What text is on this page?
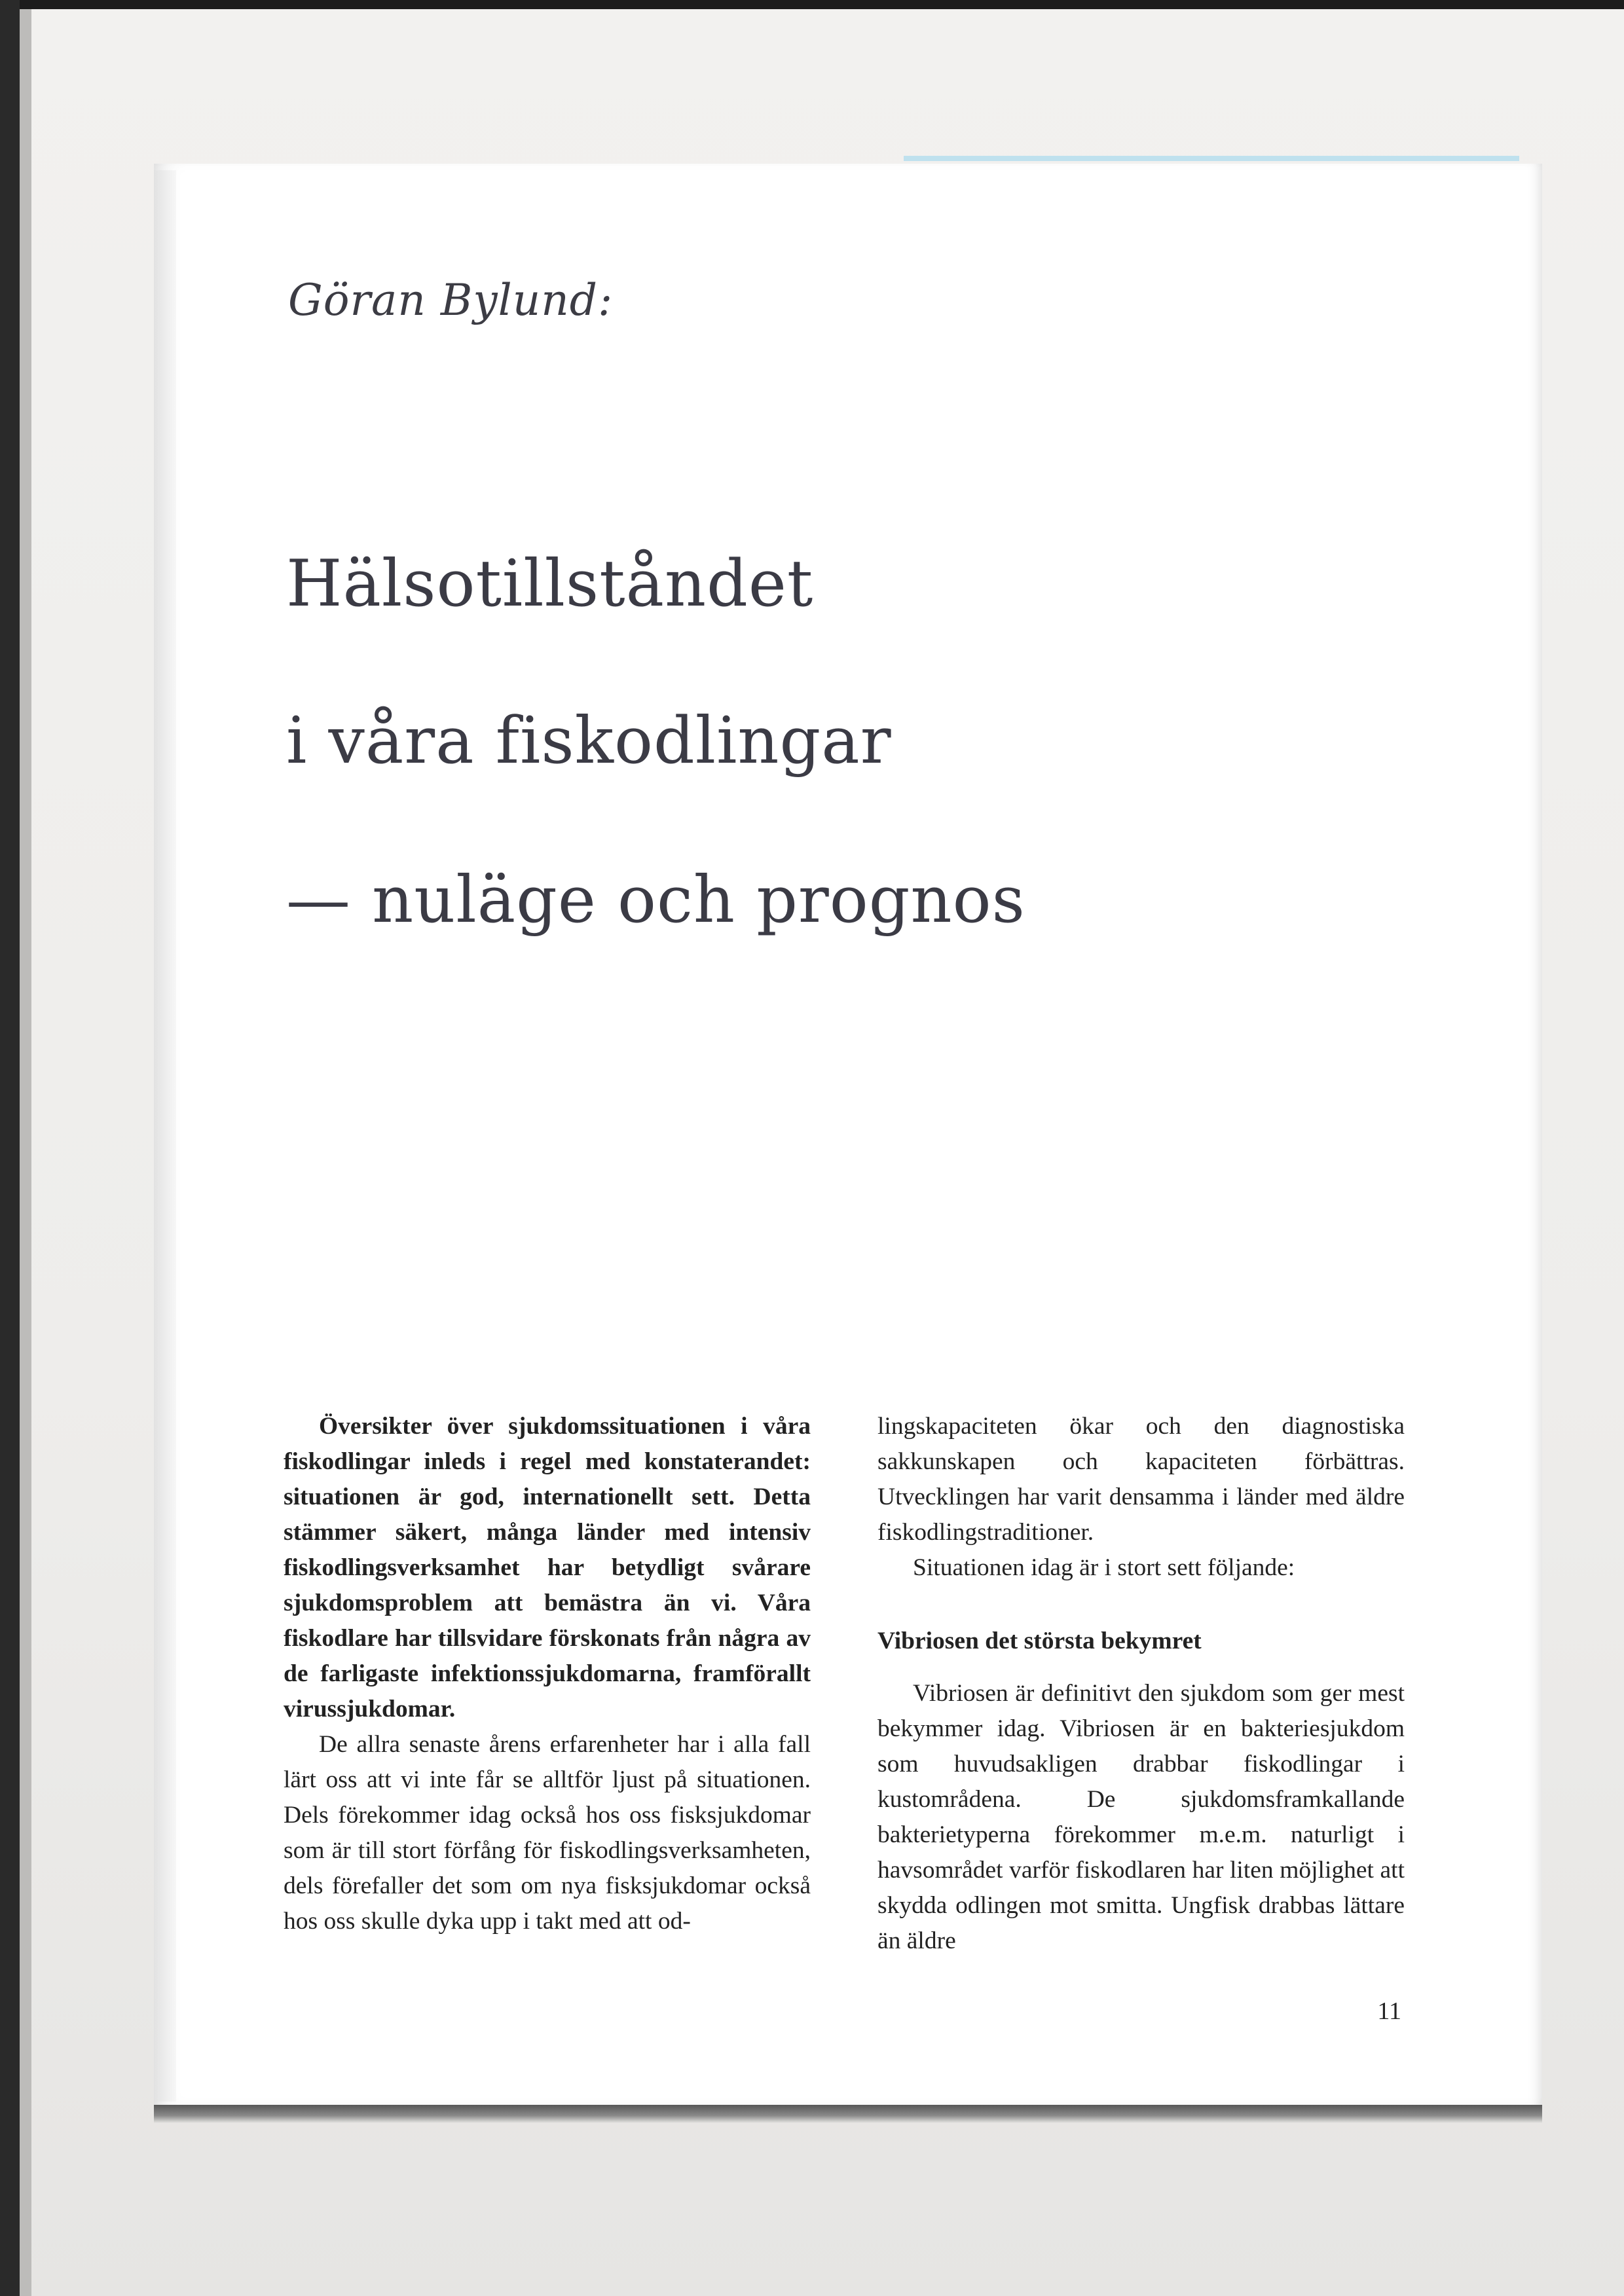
Göran Bylund:
Hälsotillståndet
i våra fiskodlingar
— nuläge och prognos

Översikter över sjukdomssituationen i våra fiskodlingar inleds i regel med konstaterandet: situationen är god, internationellt sett. Detta stämmer säkert, många länder med intensiv fiskodlingsverksamhet har betydligt svårare sjukdomsproblem att bemästra än vi. Våra fiskodlare har tillsvidare förskonats från några av de farligaste infektionssjukdomarna, framförallt virussjukdomar.

De allra senaste årens erfarenheter har i alla fall lärt oss att vi inte får se alltför ljust på situationen. Dels förekommer idag också hos oss fisksjukdomar som är till stort förfång för fiskodlingsverksamheten, dels förefaller det som om nya fisksjukdomar också hos oss skulle dyka upp i takt med att od-

lingskapaciteten ökar och den diagnostiska sakkunskapen och kapaciteten förbättras. Utvecklingen har varit densamma i länder med äldre fiskodlingstraditioner.

Situationen idag är i stort sett följande:

Vibriosen det största bekymret

Vibriosen är definitivt den sjukdom som ger mest bekymmer idag. Vibriosen är en bakteriesjukdom som huvudsakligen drabbar fiskodlingar i kustområdena. De sjukdomsframkallande bakterietyperna förekommer m.e.m. naturligt i havsområdet varför fiskodlaren har liten möjlighet att skydda odlingen mot smitta. Ungfisk drabbas lättare än äldre

11
